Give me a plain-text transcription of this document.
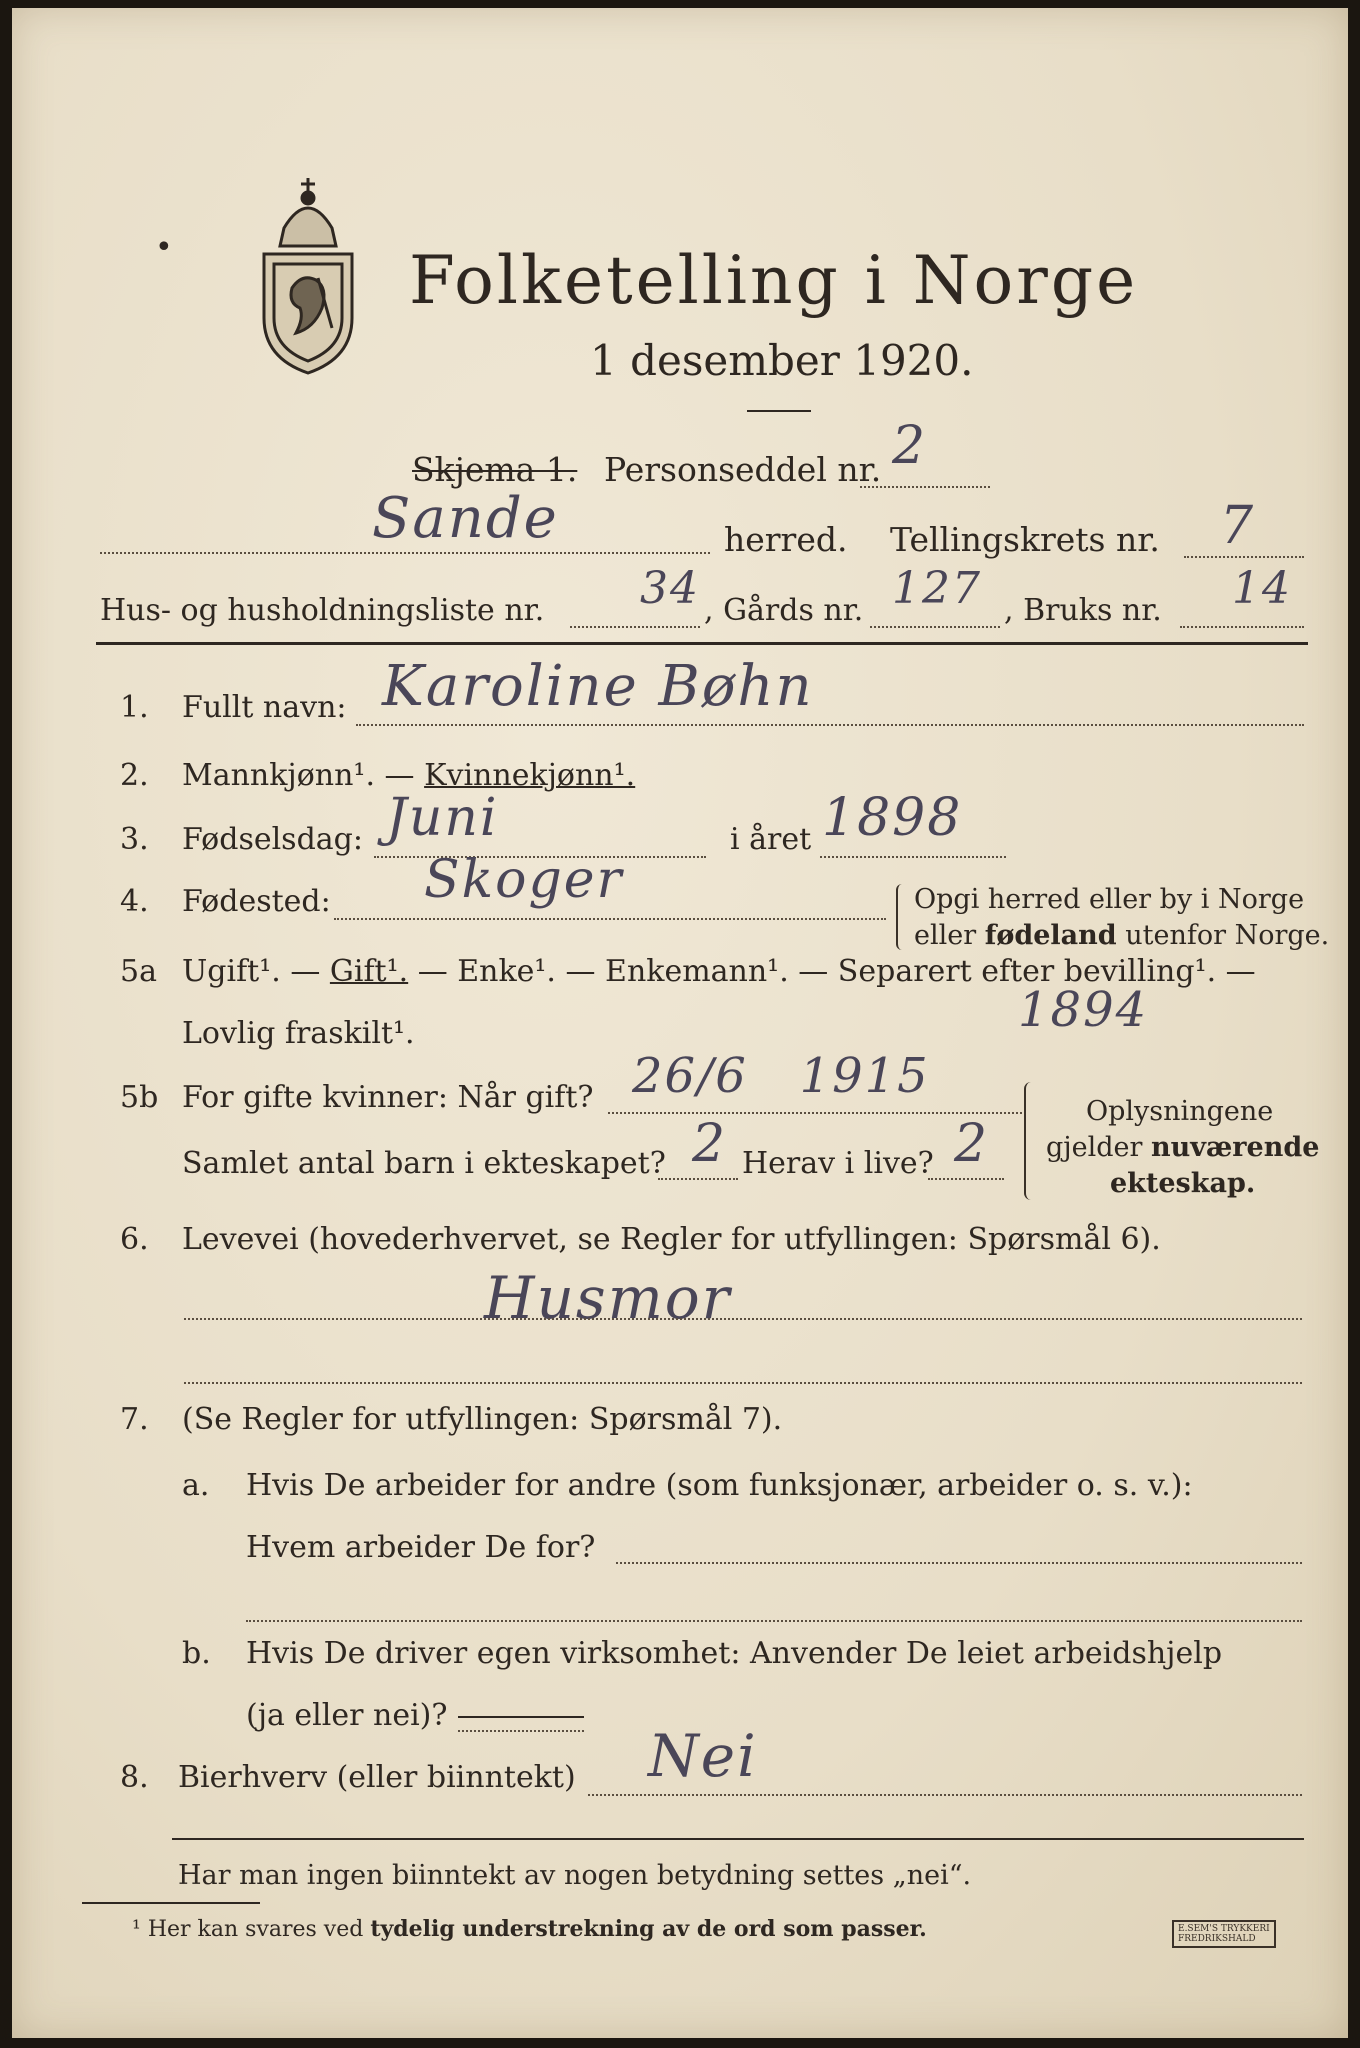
•	Folketelling i Norge
1 desember 1920.
Skjema 1. Personseddel nr. 2
Sande	herred. Tellingskrets nr. 7
Hus- og husholdningsliste nr. 34 , Gårds nr. 127 , Bruks nr. 14
1. Fullt navn: Karoline Bøhn
2. Mannkjønn¹. — Kvinnekjønn¹.
3. Fødselsdag: Juni	i året 1898
4. Fødested: Skoger	Opgi herred eller by i Norge
eller fødeland utenfor Norge.
5a Ugift¹. — Gift¹. — Enke¹. — Enkemann¹. — Separert efter bevilling¹. —
Lovlig fraskilt¹.	1894
5b For gifte kvinner: Når gift? 26/6   1915
Samlet antal barn i ekteskapet? 2 Herav i live? 2
Oplysningene
gjelder nuværende
ekteskap.
6. Levevei (hovederhvervet, se Regler for utfyllingen: Spørsmål 6).
Husmor
7. (Se Regler for utfyllingen: Spørsmål 7).
a. Hvis De arbeider for andre (som funksjonær, arbeider o. s. v.):
Hvem arbeider De for?
b. Hvis De driver egen virksomhet: Anvender De leiet arbeidshjelp
(ja eller nei)?
8. Bierhverv (eller biinntekt) Nei
Har man ingen biinntekt av nogen betydning settes „nei“.
¹ Her kan svares ved tydelig understrekning av de ord som passer.	E.SEM'S TRYKKERI
FREDRIKSHALD
